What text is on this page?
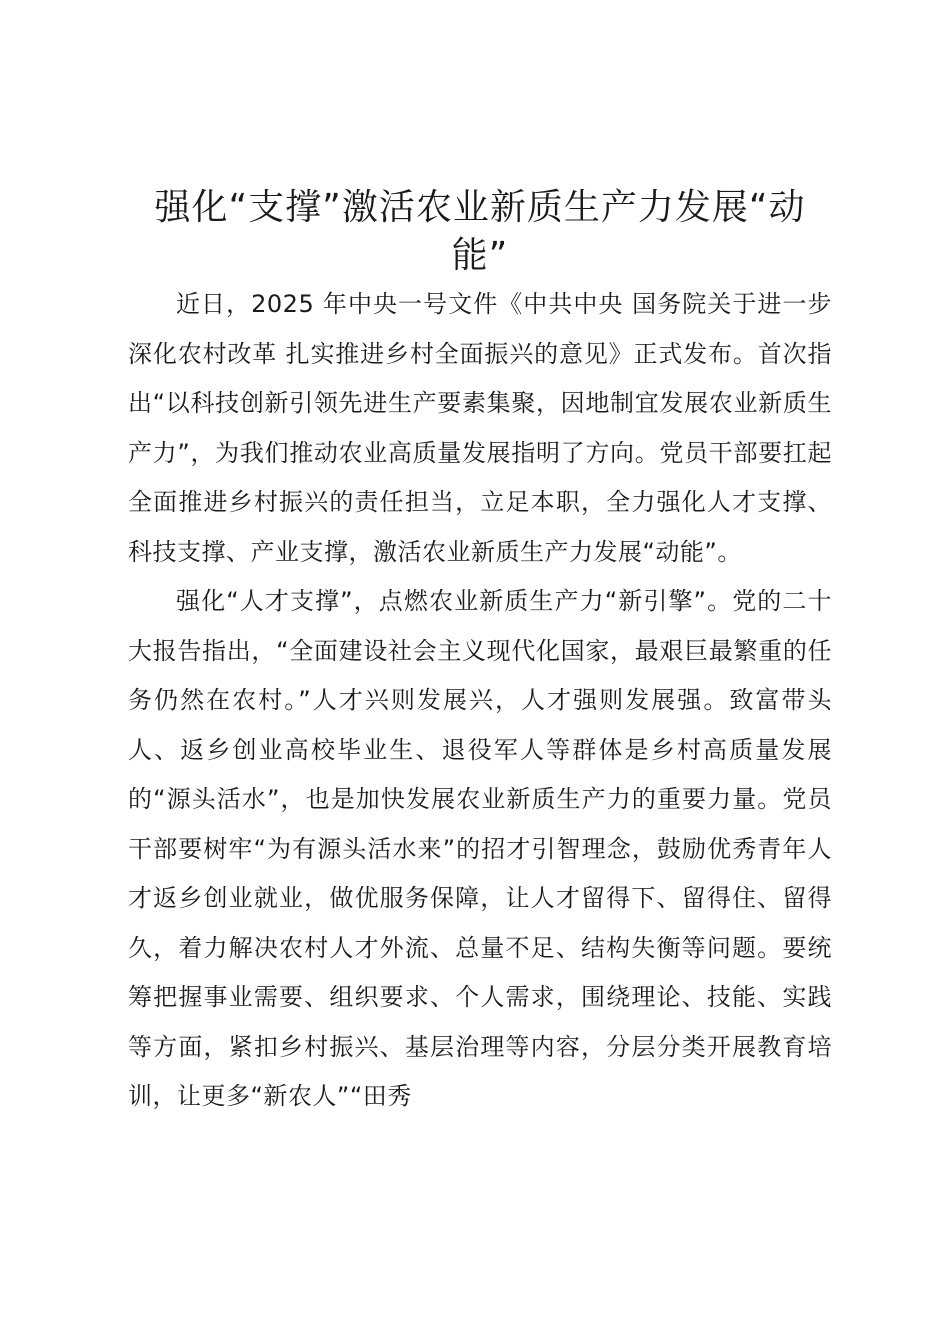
强化“支撑”激活农业新质生产力发展“动能”

近日，2025 年中央一号文件《中共中央 国务院关于进一步深化农村改革 扎实推进乡村全面振兴的意见》正式发布。首次指出“以科技创新引领先进生产要素集聚，因地制宜发展农业新质生产力”，为我们推动农业高质量发展指明了方向。党员干部要扛起全面推进乡村振兴的责任担当，立足本职，全力强化人才支撑、科技支撑、产业支撑，激活农业新质生产力发展“动能”。

强化“人才支撑”，点燃农业新质生产力“新引擎”。党的二十大报告指出，“全面建设社会主义现代化国家，最艰巨最繁重的任务仍然在农村。”人才兴则发展兴，人才强则发展强。致富带头人、返乡创业高校毕业生、退役军人等群体是乡村高质量发展的“源头活水”，也是加快发展农业新质生产力的重要力量。党员干部要树牢“为有源头活水来”的招才引智理念，鼓励优秀青年人才返乡创业就业，做优服务保障，让人才留得下、留得住、留得久，着力解决农村人才外流、总量不足、结构失衡等问题。要统筹把握事业需要、组织要求、个人需求，围绕理论、技能、实践等方面，紧扣乡村振兴、基层治理等内容，分层分类开展教育培训，让更多“新农人”“田秀
